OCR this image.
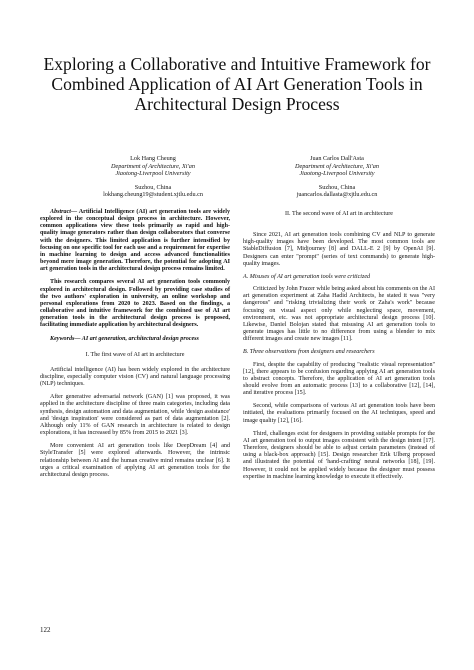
Exploring a Collaborative and Intuitive Framework for Combined Application of AI Art Generation Tools in Architectural Design Process
Lok Hang Cheung
Department of Architecture, Xi'an
Jiaotong-Liverpool University
Suzhou, China
lokhang.cheung19@student.xjtlu.edu.cn
Juan Carlos Dall'Asta
Department of Architecture, Xi'an
Jiaotong-Liverpool University
Suzhou, China
juancarlos.dallasta@xjtlu.edu.cn

Abstract— Artificial Intelligence (AI) art generation tools are widely explored in the conceptual design process in architecture. However, common applications view these tools primarily as rapid and high-quality image generators rather than design collaborators that converse with the designers. This limited application is further intensified by focusing on one specific tool for each use and a requirement for expertise in machine learning to design and access advanced functionalities beyond mere image generation. Therefore, the potential for adopting AI art generation tools in the architectural design process remains limited.

This research compares several AI art generation tools commonly explored in architectural design. Followed by providing case studies of the two authors' exploration in university, an online workshop and personal explorations from 2020 to 2023. Based on the findings, a collaborative and intuitive framework for the combined use of AI art generation tools in the architectural design process is proposed, facilitating immediate application by architectural designers.

Keywords— AI art generation, architectural design process

I. The first wave of AI art in architecture

Artificial intelligence (AI) has been widely explored in the architecture discipline, especially computer vision (CV) and natural language processing (NLP) techniques.

After generative adversarial network (GAN) [1] was proposed, it was applied in the architecture discipline of three main categories, including data synthesis, design automation and data augmentation, while 'design assistance' and 'design inspiration' were considered as part of data augmentation [2]. Although only 11% of GAN research in architecture is related to design explorations, it has increased by 85% from 2015 to 2021 [3].

More convenient AI art generation tools like DeepDream [4] and StyleTransfer [5] were explored afterwards. However, the intrinsic relationship between AI and the human creative mind remains unclear [6]. It urges a critical examination of applying AI art generation tools for the architectural design process.

II. The second wave of AI art in architecture

Since 2021, AI art generation tools combining CV and NLP to generate high-quality images have been developed. The most common tools are StableDiffusion [7], Midjourney [8] and DALL-E 2 [9] by OpenAI [9]. Designers can enter "prompt" (series of text commands) to generate high-quality images.

A. Misuses of AI art generation tools were criticized

Criticized by John Frazer while being asked about his comments on the AI art generation experiment at Zaha Hadid Architects, he stated it was "very dangerous" and "risking trivializing their work or Zaha's work" because focusing on visual aspect only while neglecting space, movement, environment, etc. was not appropriate architectural design process [10]. Likewise, Daniel Bolojan stated that misusing AI art generation tools to generate images has little to no difference from using a blender to mix different images and create new images [11].

B. Three observations from designers and researchers

First, despite the capability of producing "realistic visual representation" [12], there appears to be confusion regarding applying AI art generation tools to abstract concepts. Therefore, the application of AI art generation tools should evolve from an automatic process [13] to a collaborative [12], [14], and iterative process [15].

Second, while comparisons of various AI art generation tools have been initiated, the evaluations primarily focused on the AI techniques, speed and image quality [12], [16].

Third, challenges exist for designers in providing suitable prompts for the AI art generation tool to output images consistent with the design intent [17]. Therefore, designers should be able to adjust certain parameters (instead of using a black-box approach) [15]. Design researcher Erik Ulberg proposed and illustrated the potential of 'hand-crafting' neural networks [18], [19]. However, it could not be applied widely because the designer must possess expertise in machine learning knowledge to execute it effectively.

122
